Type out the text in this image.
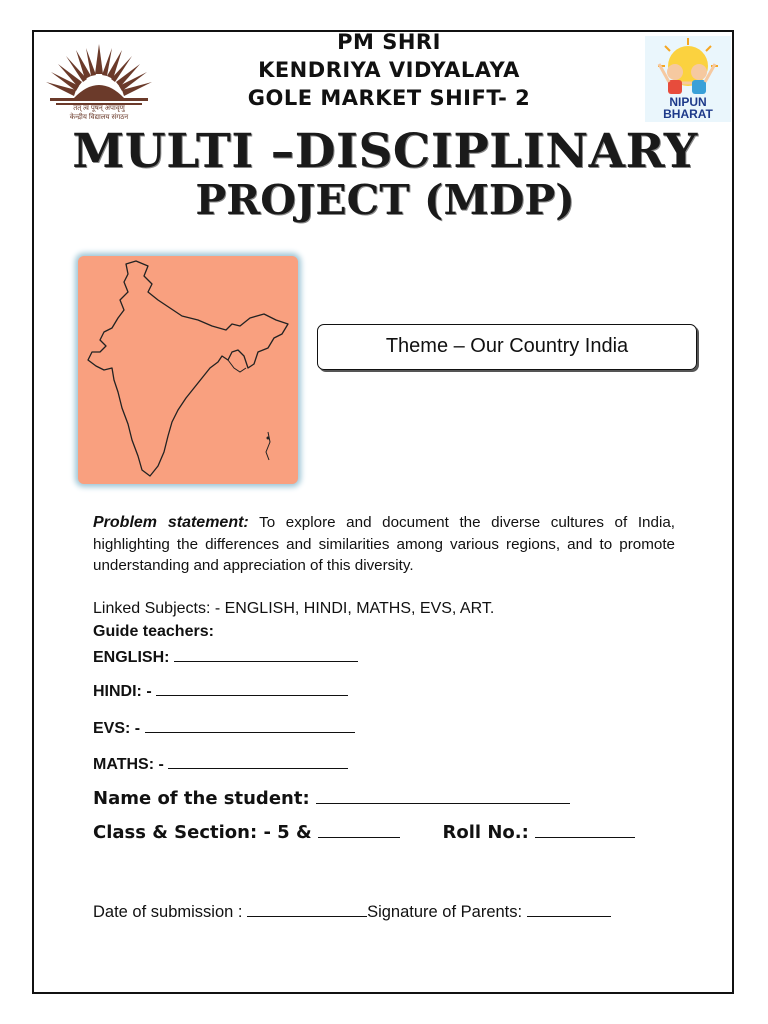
तत् त्वं पूषन् अपावृणु
केन्द्रीय विद्यालय संगठन
NIPUN
BHARAT
PM SHRI
KENDRIYA VIDYALAYA
GOLE MARKET SHIFT- 2
MULTI –DISCIPLINARY
PROJECT (MDP)
Theme – Our Country India
Problem statement: To explore and document the diverse cultures of India, highlighting the differences and similarities among various regions, and to promote understanding and appreciation of this diversity.
Linked Subjects: - ENGLISH, HINDI, MATHS, EVS, ART.
Guide teachers:
ENGLISH:
HINDI: -
EVS: -
MATHS: -
Name of the student:
Class & Section: - 5 &	Roll No.:
Date of submission :	Signature of Parents:
